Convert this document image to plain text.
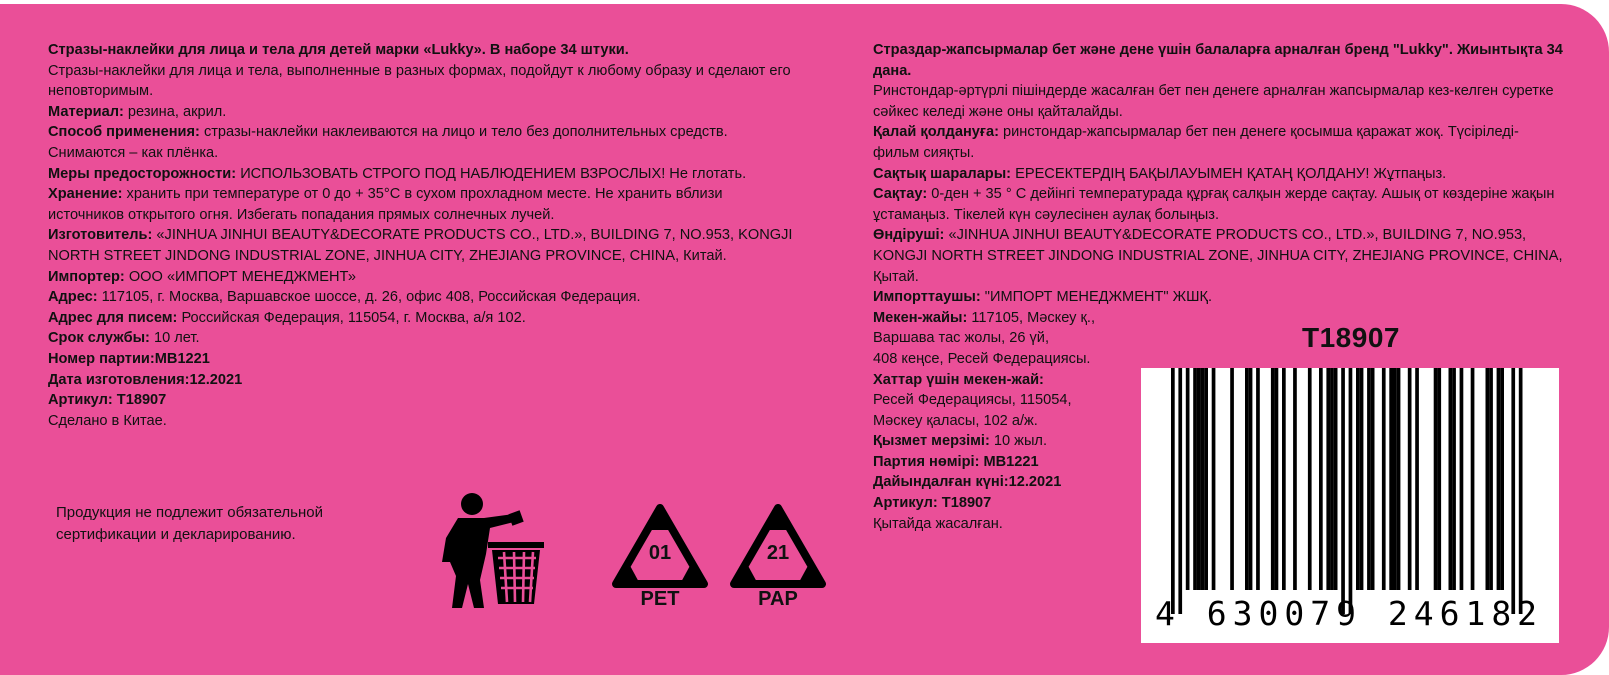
Стразы-наклейки для лица и тела для детей марки «Lukky». В наборе 34 штуки.

Стразы-наклейки для лица и тела, выполненные в разных формах, подойдут к любому образу и сделают его неповторимым.

Материал: резина, акрил.

Способ применения: стразы-наклейки наклеиваются на лицо и тело без дополнительных средств. Снимаются – как плёнка.

Меры предосторожности: ИСПОЛЬЗОВАТЬ СТРОГО ПОД НАБЛЮДЕНИЕМ ВЗРОСЛЫХ! Не глотать.

Хранение: хранить при температуре от 0 до + 35°С в сухом прохладном месте. Не хранить вблизи источников открытого огня. Избегать попадания прямых солнечных лучей.

Изготовитель: «JINHUA JINHUI BEAUTY&DECORATE PRODUCTS CO., LTD.», BUILDING 7, NO.953, KONGJI NORTH STREET JINDONG INDUSTRIAL ZONE, JINHUA CITY, ZHEJIANG PROVINCE, CHINA, Китай.

Импортер: ООО «ИМПОРТ МЕНЕДЖМЕНТ»

Адрес: 117105, г. Москва, Варшавское шоссе, д. 26, офис 408, Российская Федерация.

Адрес для писем: Российская Федерация, 115054, г. Москва, а/я 102.

Срок службы: 10 лет.

Номер партии:MB1221

Дата изготовления:12.2021

Артикул: T18907

Сделано в Китае.

Продукция не подлежит обязательной сертификации и декларированию.
01
PET
21
PAP

Страздар-жапсырмалар бет және дене үшін балаларға арналған бренд "Lukky". Жиынтықта 34 дана.

Ринстондар-әртүрлі пішіндерде жасалған бет пен денеге арналған жапсырмалар кез-келген суретке сәйкес келеді және оны қайталайды.

Қалай қолдануға: ринстондар-жапсырмалар бет пен денеге қосымша қаражат жоқ. Түсіріледі-фильм сияқты.

Сақтық шаралары: ЕРЕСЕКТЕРДІҢ БАҚЫЛАУЫМЕН ҚАТАҢ ҚОЛДАНУ! Жұтпаңыз.

Сақтау: 0-ден + 35 ° С дейінгі температурада құрғақ салқын жерде сақтау. Ашық от көздеріне жақын ұстамаңыз. Тікелей күн сәулесінен аулақ болыңыз.

Өндіруші: «JINHUA JINHUI BEAUTY&DECORATE PRODUCTS CO., LTD.», BUILDING 7, NO.953, KONGJI NORTH STREET JINDONG INDUSTRIAL ZONE, JINHUA CITY, ZHEJIANG PROVINCE, CHINA, Қытай.

Импорттаушы: "ИМПОРТ МЕНЕДЖМЕНТ" ЖШҚ.

Мекен-жайы: 117105, Мәскеу қ.,

Варшава тас жолы, 26 үй,

408 кеңсе, Ресей Федерациясы.

Хаттар үшін мекен-жай:

Ресей Федерациясы, 115054,

Мәскеу қаласы, 102 а/ж.

Қызмет мерзімі: 10 жыл.

Партия нөмірі: MB1221

Дайындалған күні:12.2021

Артикул: T18907

Қытайда жасалған.

T18907
4 630079 246182
